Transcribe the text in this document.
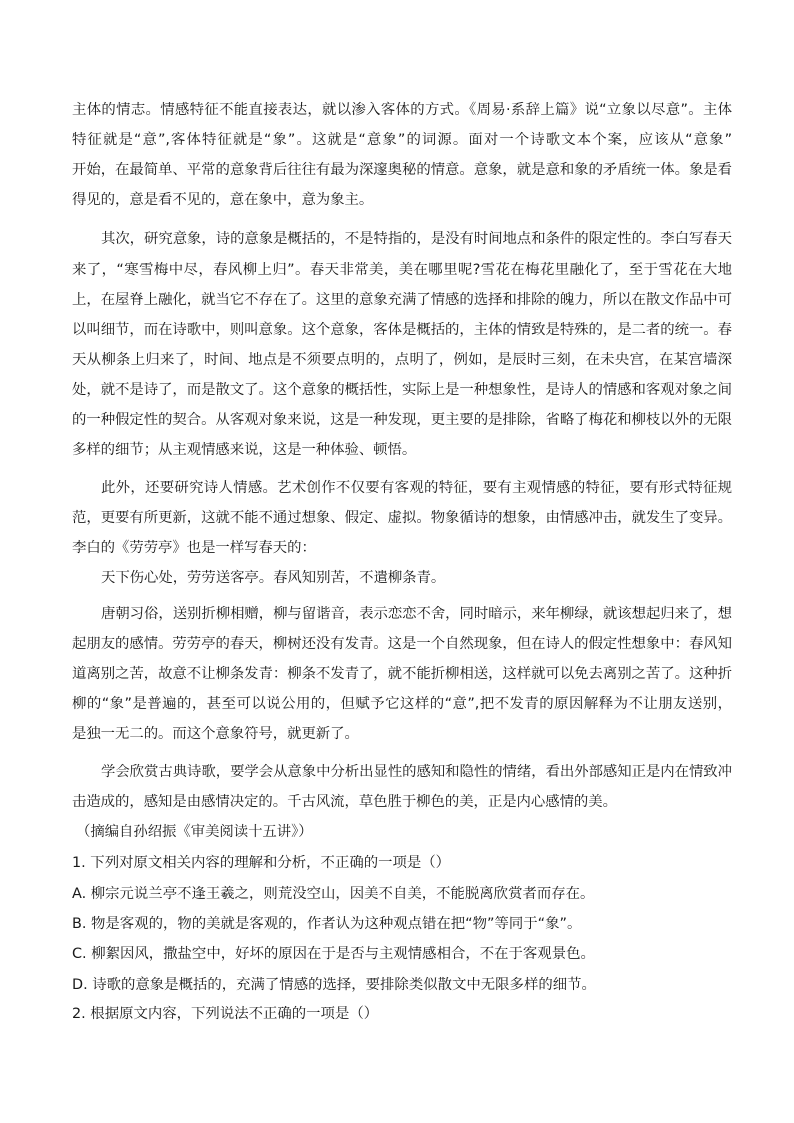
主体的情志。情感特征不能直接表达，就以渗入客体的方式。《周易·系辞上篇》说“立象以尽意”。主体
特征就是“意”,客体特征就是“象”。这就是“意象”的词源。面对一个诗歌文本个案，应该从“意象”
开始，在最简单、平常的意象背后往往有最为深邃奥秘的情意。意象，就是意和象的矛盾统一体。象是看
得见的，意是看不见的，意在象中，意为象主。
其次，研究意象，诗的意象是概括的，不是特指的，是没有时间地点和条件的限定性的。李白写春天
来了，“寒雪梅中尽，春风柳上归”。春天非常美，美在哪里呢?雪花在梅花里融化了，至于雪花在大地
上，在屋脊上融化，就当它不存在了。这里的意象充满了情感的选择和排除的魄力，所以在散文作品中可
以叫细节，而在诗歌中，则叫意象。这个意象，客体是概括的，主体的情致是特殊的，是二者的统一。春
天从柳条上归来了，时间、地点是不须要点明的，点明了，例如，是辰时三刻，在未央宫，在某宫墙深
处，就不是诗了，而是散文了。这个意象的概括性，实际上是一种想象性，是诗人的情感和客观对象之间
的一种假定性的契合。从客观对象来说，这是一种发现，更主要的是排除，省略了梅花和柳枝以外的无限
多样的细节；从主观情感来说，这是一种体验、顿悟。
此外，还要研究诗人情感。艺术创作不仅要有客观的特征，要有主观情感的特征，要有形式特征规
范，更要有所更新，这就不能不通过想象、假定、虚拟。物象循诗的想象，由情感冲击，就发生了变异。
李白的《劳劳亭》也是一样写春天的：
天下伤心处，劳劳送客亭。春风知别苦，不遣柳条青。
唐朝习俗，送别折柳相赠，柳与留谐音，表示恋恋不舍，同时暗示，来年柳绿，就该想起归来了，想
起朋友的感情。劳劳亭的春天，柳树还没有发青。这是一个自然现象，但在诗人的假定性想象中：春风知
道离别之苦，故意不让柳条发青：柳条不发青了，就不能折柳相送，这样就可以免去离别之苦了。这种折
柳的“象”是普遍的，甚至可以说公用的，但赋予它这样的“意”,把不发青的原因解释为不让朋友送别，
是独一无二的。而这个意象符号，就更新了。
学会欣赏古典诗歌，要学会从意象中分析出显性的感知和隐性的情绪，看出外部感知正是内在情致冲
击造成的，感知是由感情决定的。千古风流，草色胜于柳色的美，正是内心感情的美。
（摘编自孙绍振《审美阅读十五讲》）
1. 下列对原文相关内容的理解和分析，不正确的一项是（）
A. 柳宗元说兰亭不逢王羲之，则荒没空山，因美不自美，不能脱离欣赏者而存在。
B. 物是客观的，物的美就是客观的，作者认为这种观点错在把“物”等同于“象”。
C. 柳絮因风，撒盐空中，好坏的原因在于是否与主观情感相合，不在于客观景色。
D. 诗歌的意象是概括的，充满了情感的选择，要排除类似散文中无限多样的细节。
2. 根据原文内容，下列说法不正确的一项是（）
